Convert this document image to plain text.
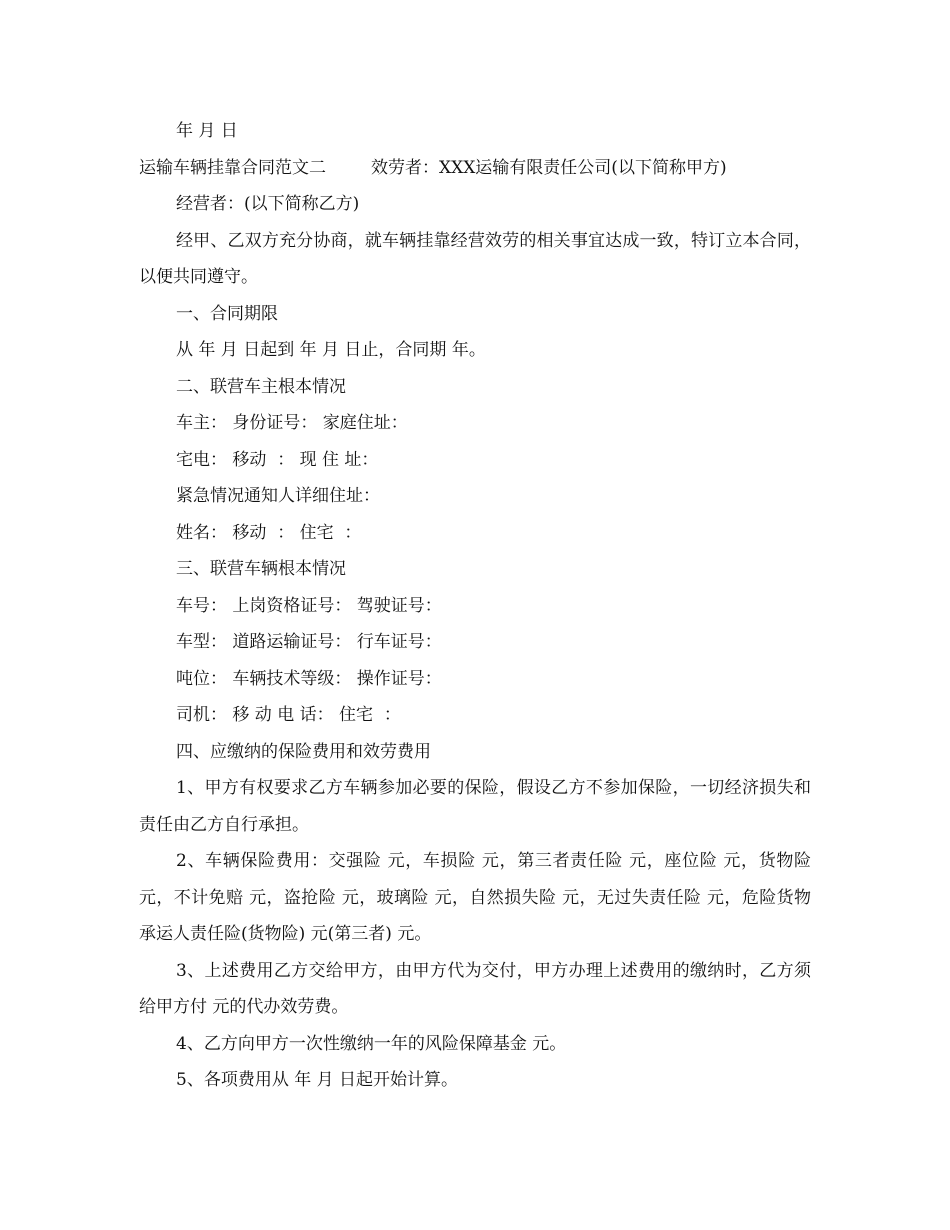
年 月 日

运输车辆挂靠合同范文二	效劳者：XXX运输有限责任公司(以下简称甲方)

经营者：(以下简称乙方)

经甲、乙双方充分协商，就车辆挂靠经营效劳的相关事宜达成一致，特订立本合同，以便共同遵守。

一、合同期限

从 年 月 日起到 年 月 日止，合同期 年。

二、联营车主根本情况

车主： 身份证号： 家庭住址：

宅电： 移动  ： 现 住 址：

紧急情况通知人详细住址：

姓名： 移动  ： 住宅  ：

三、联营车辆根本情况

车号： 上岗资格证号： 驾驶证号：

车型： 道路运输证号： 行车证号：

吨位： 车辆技术等级： 操作证号：

司机： 移 动 电 话： 住宅  ：

四、应缴纳的保险费用和效劳费用

1、甲方有权要求乙方车辆参加必要的保险，假设乙方不参加保险，一切经济损失和责任由乙方自行承担。

2、车辆保险费用：交强险 元，车损险 元，第三者责任险 元，座位险 元，货物险 元，不计免赔 元，盗抢险 元，玻璃险 元，自然损失险 元，无过失责任险 元，危险货物承运人责任险(货物险) 元(第三者) 元。

3、上述费用乙方交给甲方，由甲方代为交付，甲方办理上述费用的缴纳时，乙方须给甲方付 元的代办效劳费。

4、乙方向甲方一次性缴纳一年的风险保障基金 元。

5、各项费用从 年 月 日起开始计算。
